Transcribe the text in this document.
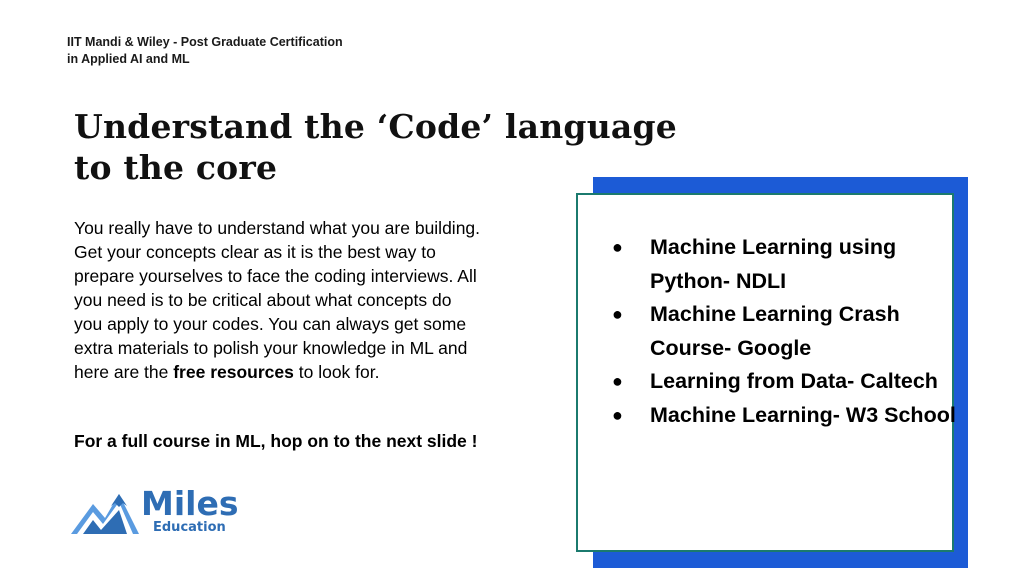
IIT Mandi & Wiley - Post Graduate Certification
in Applied AI and ML
Understand the ‘Code’ language
to the core

You really have to understand what you are building. Get your concepts clear as it is the best way to prepare yourselves to face the coding interviews. All you need is to be critical about what concepts do you apply to your codes. You can always get some extra materials to polish your knowledge in ML and here are the free resources to look for.

For a full course in ML, hop on to the next slide !

Miles
Education
● Machine Learning using Python- NDLI
● Machine Learning Crash Course- Google
● Learning from Data- Caltech
● Machine Learning- W3 School
